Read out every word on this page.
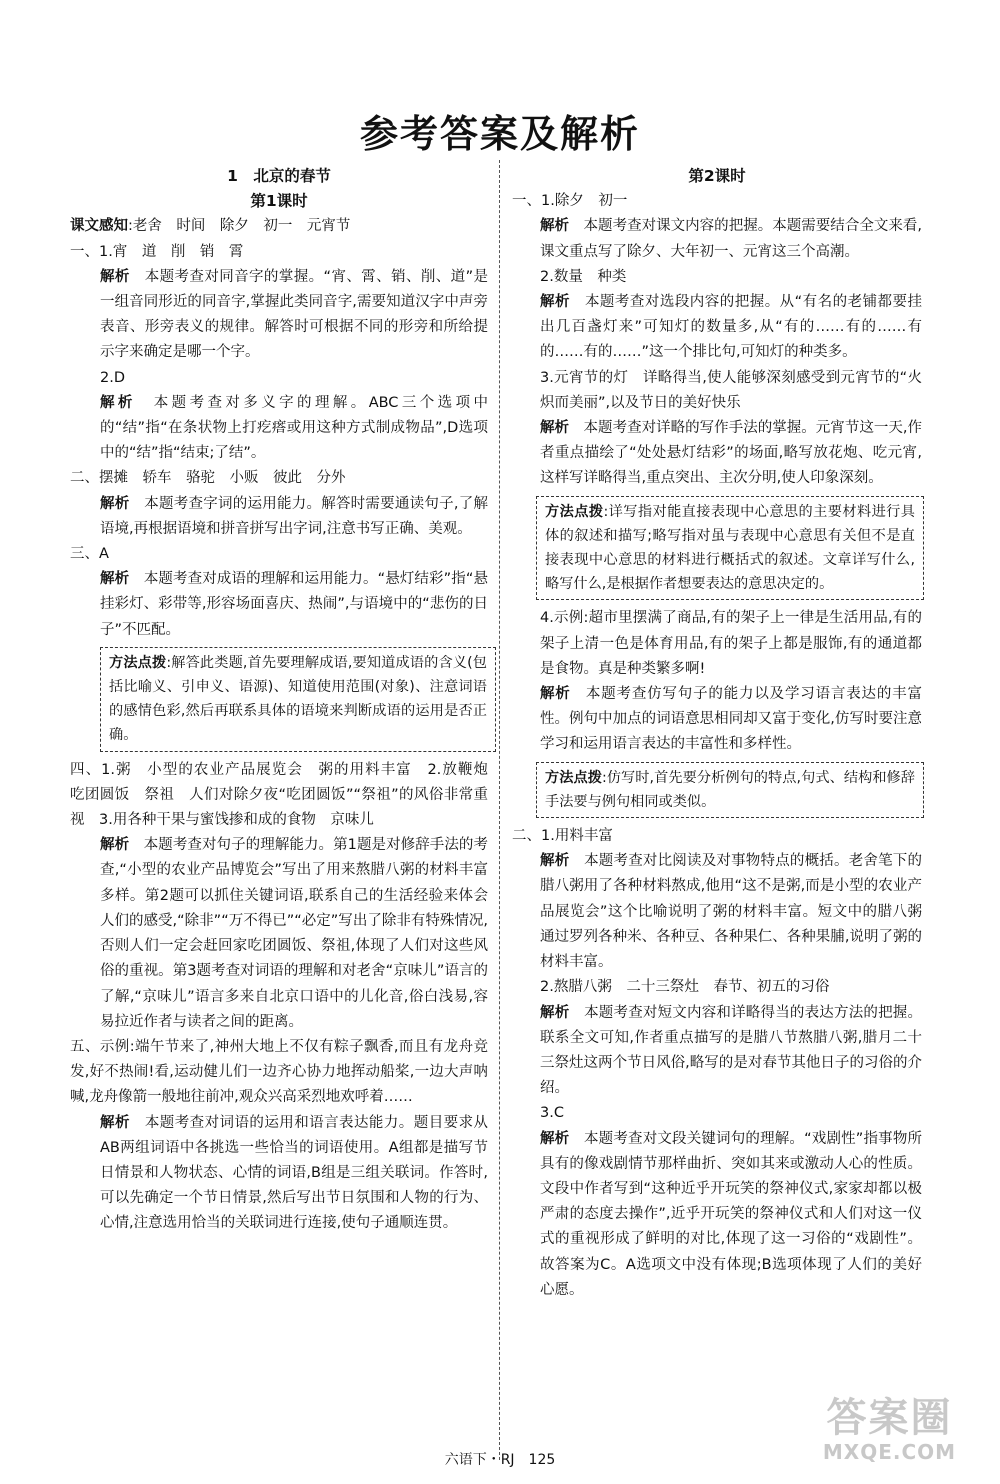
参考答案及解析

1　北京的春节

第1课时

课文感知:老舍　时间　除夕　初一　元宵节

一、1.宵　道　削　销　霄

解析　本题考查对同音字的掌握。“宵、霄、销、削、道”是一组音同形近的同音字,掌握此类同音字,需要知道汉字中声旁表音、形旁表义的规律。解答时可根据不同的形旁和所给提示字来确定是哪一个字。

2.D

解析　本题考查对多义字的理解。ABC三个选项中的“结”指“在条状物上打疙瘩或用这种方式制成物品”,D选项中的“结”指“结束;了结”。

二、摆摊　轿车　骆驼　小贩　彼此　分外

解析　本题考查字词的运用能力。解答时需要通读句子,了解语境,再根据语境和拼音拼写出字词,注意书写正确、美观。

三、A

解析　本题考查对成语的理解和运用能力。“悬灯结彩”指“悬挂彩灯、彩带等,形容场面喜庆、热闹”,与语境中的“悲伤的日子”不匹配。

方法点拨:解答此类题,首先要理解成语,要知道成语的含义(包括比喻义、引申义、语源)、知道使用范围(对象)、注意词语的感情色彩,然后再联系具体的语境来判断成语的运用是否正确。

四、1.粥　小型的农业产品展览会　粥的用料丰富　2.放鞭炮　吃团圆饭　祭祖　人们对除夕夜“吃团圆饭”“祭祖”的风俗非常重视　3.用各种干果与蜜饯掺和成的食物　京味儿

解析　本题考查对句子的理解能力。第1题是对修辞手法的考查,“小型的农业产品博览会”写出了用来熬腊八粥的材料丰富多样。第2题可以抓住关键词语,联系自己的生活经验来体会人们的感受,“除非”“万不得已”“必定”写出了除非有特殊情况,否则人们一定会赶回家吃团圆饭、祭祖,体现了人们对这些风俗的重视。第3题考查对词语的理解和对老舍“京味儿”语言的了解,“京味儿”语言多来自北京口语中的儿化音,俗白浅易,容易拉近作者与读者之间的距离。

五、示例:端午节来了,神州大地上不仅有粽子飘香,而且有龙舟竞发,好不热闹!看,运动健儿们一边齐心协力地挥动船桨,一边大声呐喊,龙舟像箭一般地往前冲,观众兴高采烈地欢呼着……

解析　本题考查对词语的运用和语言表达能力。题目要求从AB两组词语中各挑选一些恰当的词语使用。A组都是描写节日情景和人物状态、心情的词语,B组是三组关联词。作答时,可以先确定一个节日情景,然后写出节日氛围和人物的行为、心情,注意选用恰当的关联词进行连接,使句子通顺连贯。

第2课时

一、1.除夕　初一

解析　本题考查对课文内容的把握。本题需要结合全文来看,课文重点写了除夕、大年初一、元宵这三个高潮。

2.数量　种类

解析　本题考查对选段内容的把握。从“有名的老铺都要挂出几百盏灯来”可知灯的数量多,从“有的……有的……有的……有的……”这一个排比句,可知灯的种类多。

3.元宵节的灯　详略得当,使人能够深刻感受到元宵节的“火炽而美丽”,以及节日的美好快乐

解析　本题考查对详略的写作手法的掌握。元宵节这一天,作者重点描绘了“处处悬灯结彩”的场面,略写放花炮、吃元宵,这样写详略得当,重点突出、主次分明,使人印象深刻。

方法点拨:详写指对能直接表现中心意思的主要材料进行具体的叙述和描写;略写指对虽与表现中心意思有关但不是直接表现中心意思的材料进行概括式的叙述。文章详写什么,略写什么,是根据作者想要表达的意思决定的。

4.示例:超市里摆满了商品,有的架子上一律是生活用品,有的架子上清一色是体育用品,有的架子上都是服饰,有的通道都是食物。真是种类繁多啊!

解析　本题考查仿写句子的能力以及学习语言表达的丰富性。例句中加点的词语意思相同却又富于变化,仿写时要注意学习和运用语言表达的丰富性和多样性。

方法点拨:仿写时,首先要分析例句的特点,句式、结构和修辞手法要与例句相同或类似。

二、1.用料丰富

解析　本题考查对比阅读及对事物特点的概括。老舍笔下的腊八粥用了各种材料熬成,他用“这不是粥,而是小型的农业产品展览会”这个比喻说明了粥的材料丰富。短文中的腊八粥通过罗列各种米、各种豆、各种果仁、各种果脯,说明了粥的材料丰富。

2.熬腊八粥　二十三祭灶　春节、初五的习俗

解析　本题考查对短文内容和详略得当的表达方法的把握。联系全文可知,作者重点描写的是腊八节熬腊八粥,腊月二十三祭灶这两个节日风俗,略写的是对春节其他日子的习俗的介绍。

3.C

解析　本题考查对文段关键词句的理解。“戏剧性”指事物所具有的像戏剧情节那样曲折、突如其来或激动人心的性质。文段中作者写到“这种近乎开玩笑的祭神仪式,家家却都以极严肃的态度去操作”,近乎开玩笑的祭神仪式和人们对这一仪式的重视形成了鲜明的对比,体现了这一习俗的“戏剧性”。故答案为C。A选项文中没有体现;B选项体现了人们的美好心愿。

六语下・RJ　125
答案圈
MXQE.COM
